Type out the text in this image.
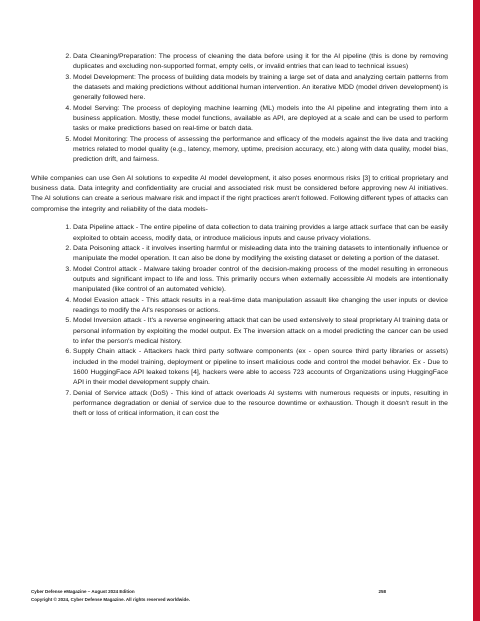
2. Data Cleaning/Preparation: The process of cleaning the data before using it for the AI pipeline (this is done by removing duplicates and excluding non-supported format, empty cells, or invalid entries that can lead to technical issues)
3. Model Development: The process of building data models by training a large set of data and analyzing certain patterns from the datasets and making predictions without additional human intervention. An iterative MDD (model driven development) is generally followed here.
4. Model Serving: The process of deploying machine learning (ML) models into the AI pipeline and integrating them into a business application. Mostly, these model functions, available as API, are deployed at a scale and can be used to perform tasks or make predictions based on real-time or batch data.
5. Model Monitoring: The process of assessing the performance and efficacy of the models against the live data and tracking metrics related to model quality (e.g., latency, memory, uptime, precision accuracy, etc.) along with data quality, model bias, prediction drift, and fairness.

While companies can use Gen AI solutions to expedite AI model development, it also poses enormous risks [3] to critical proprietary and business data. Data integrity and confidentiality are crucial and associated risk must be considered before approving new AI initiatives. The AI solutions can create a serious malware risk and impact if the right practices aren't followed. Following different types of attacks can compromise the integrity and reliability of the data models-

1. Data Pipeline attack - The entire pipeline of data collection to data training provides a large attack surface that can be easily exploited to obtain access, modify data, or introduce malicious inputs and cause privacy violations.
2. Data Poisoning attack - it involves inserting harmful or misleading data into the training datasets to intentionally influence or manipulate the model operation. It can also be done by modifying the existing dataset or deleting a portion of the dataset.
3. Model Control attack - Malware taking broader control of the decision-making process of the model resulting in erroneous outputs and significant impact to life and loss. This primarily occurs when externally accessible AI models are intentionally manipulated (like control of an automated vehicle).
4. Model Evasion attack - This attack results in a real-time data manipulation assault like changing the user inputs or device readings to modify the AI's responses or actions.
5. Model Inversion attack - It's a reverse engineering attack that can be used extensively to steal proprietary AI training data or personal information by exploiting the model output. Ex The inversion attack on a model predicting the cancer can be used to infer the person's medical history.
6. Supply Chain attack - Attackers hack third party software components (ex - open source third party libraries or assets) included in the model training, deployment or pipeline to insert malicious code and control the model behavior. Ex - Due to 1600 HuggingFace API leaked tokens [4], hackers were able to access 723 accounts of Organizations using HuggingFace API in their model development supply chain.
7. Denial of Service attack (DoS) - This kind of attack overloads AI systems with numerous requests or inputs, resulting in performance degradation or denial of service due to the resource downtime or exhaustion. Though it doesn't result in the theft or loss of critical information, it can cost the
Cyber Defense eMagazine – August 2024 Edition	258
Copyright © 2024, Cyber Defense Magazine. All rights reserved worldwide.
